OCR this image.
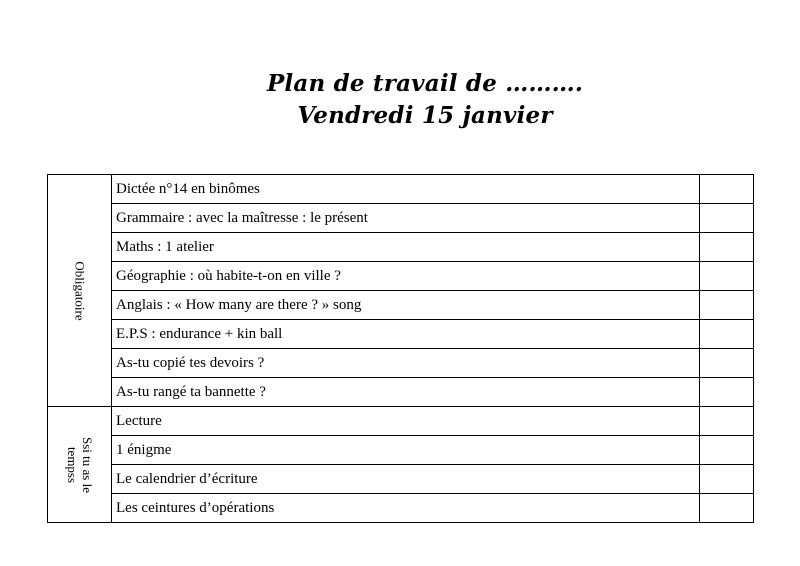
Plan de travail de ……….
Vendredi 15 janvier
Obligatoire	Dictée n°14 en binômes	
	Grammaire : avec la maîtresse : le présent	
	Maths : 1 atelier	
	Géographie : où habite-t-on en ville ?	
	Anglais : « How many are there ? » song	
	E.P.S : endurance + kin ball	
	As-tu copié tes devoirs ?	
	As-tu rangé ta bannette ?	

Ssi tu as le tempss	Lecture	
	1 énigme	
	Le calendrier d’écriture	
	Les ceintures d’opérations	
